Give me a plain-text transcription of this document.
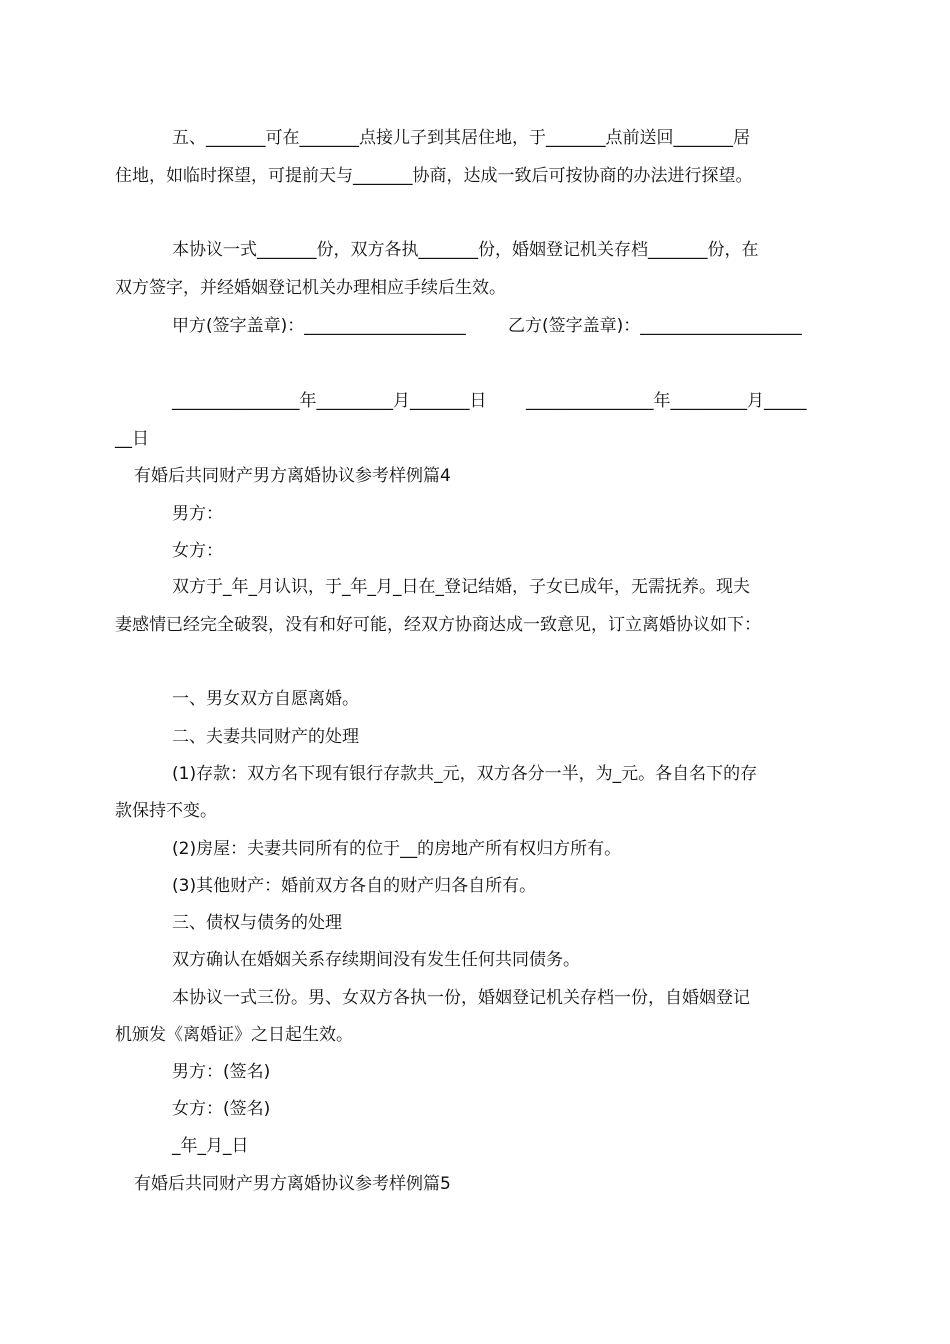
五、_______可在_______点接儿子到其居住地，于_______点前送回_______居
住地，如临时探望，可提前天与_______协商，达成一致后可按协商的办法进行探望。
本协议一式_______份，双方各执_______份，婚姻登记机关存档_______份，在
双方签字，并经婚姻登记机关办理相应手续后生效。

甲方(签字盖章)：___________________

乙方(签字盖章)：___________________

_______________年_________月_______日

_______________年_________月_____

__日
有婚后共同财产男方离婚协议参考样例篇4
男方：
女方：
双方于_年_月认识，于_年_月_日在_登记结婚，子女已成年，无需抚养。现夫
妻感情已经完全破裂，没有和好可能，经双方协商达成一致意见，订立离婚协议如下：
一、男女双方自愿离婚。
二、夫妻共同财产的处理
(1)存款：双方名下现有银行存款共_元，双方各分一半，为_元。各自名下的存
款保持不变。
(2)房屋：夫妻共同所有的位于__的房地产所有权归方所有。
(3)其他财产：婚前双方各自的财产归各自所有。
三、债权与债务的处理
双方确认在婚姻关系存续期间没有发生任何共同债务。
本协议一式三份。男、女双方各执一份，婚姻登记机关存档一份，自婚姻登记
机颁发《离婚证》之日起生效。
男方：(签名)
女方：(签名)
_年_月_日
有婚后共同财产男方离婚协议参考样例篇5
